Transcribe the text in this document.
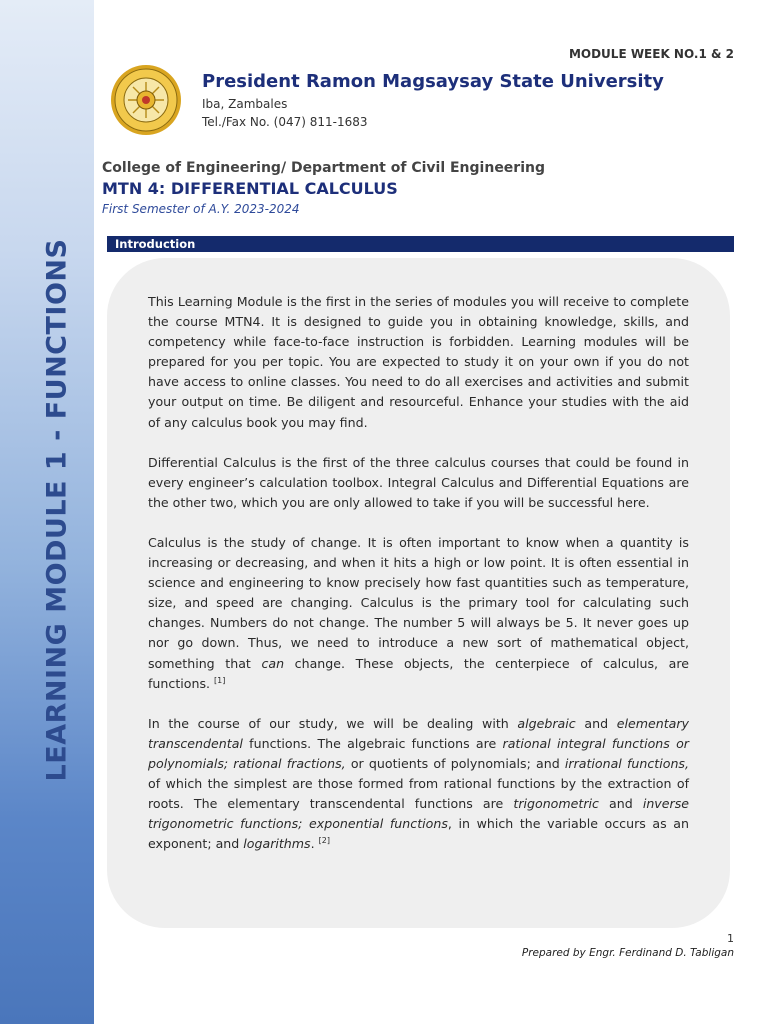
LEARNING MODULE 1 - FUNCTIONS
MODULE WEEK NO.1 & 2
President Ramon Magsaysay State University
Iba, Zambales
Tel./Fax No. (047) 811-1683
College of Engineering/ Department of Civil Engineering
MTN 4: DIFFERENTIAL CALCULUS
First Semester of A.Y. 2023-2024
Introduction

This Learning Module is the first in the series of modules you will receive to complete the course MTN4. It is designed to guide you in obtaining knowledge, skills, and competency while face-to-face instruction is forbidden. Learning modules will be prepared for you per topic. You are expected to study it on your own if you do not have access to online classes. You need to do all exercises and activities and submit your output on time. Be diligent and resourceful. Enhance your studies with the aid of any calculus book you may find.

Differential Calculus is the first of the three calculus courses that could be found in every engineer’s calculation toolbox. Integral Calculus and Differential Equations are the other two, which you are only allowed to take if you will be successful here.

Calculus is the study of change. It is often important to know when a quantity is increasing or decreasing, and when it hits a high or low point. It is often essential in science and engineering to know precisely how fast quantities such as temperature, size, and speed are changing. Calculus is the primary tool for calculating such changes. Numbers do not change. The number 5 will always be 5. It never goes up nor go down. Thus, we need to introduce a new sort of mathematical object, something that can change. These objects, the centerpiece of calculus, are functions. [1]

In the course of our study, we will be dealing with algebraic and elementary transcendental functions. The algebraic functions are rational integral functions or polynomials; rational fractions, or quotients of polynomials; and irrational functions, of which the simplest are those formed from rational functions by the extraction of roots. The elementary transcendental functions are trigonometric and inverse trigonometric functions; exponential functions, in which the variable occurs as an exponent; and logarithms. [2]

1
Prepared by Engr. Ferdinand D. Tabligan
